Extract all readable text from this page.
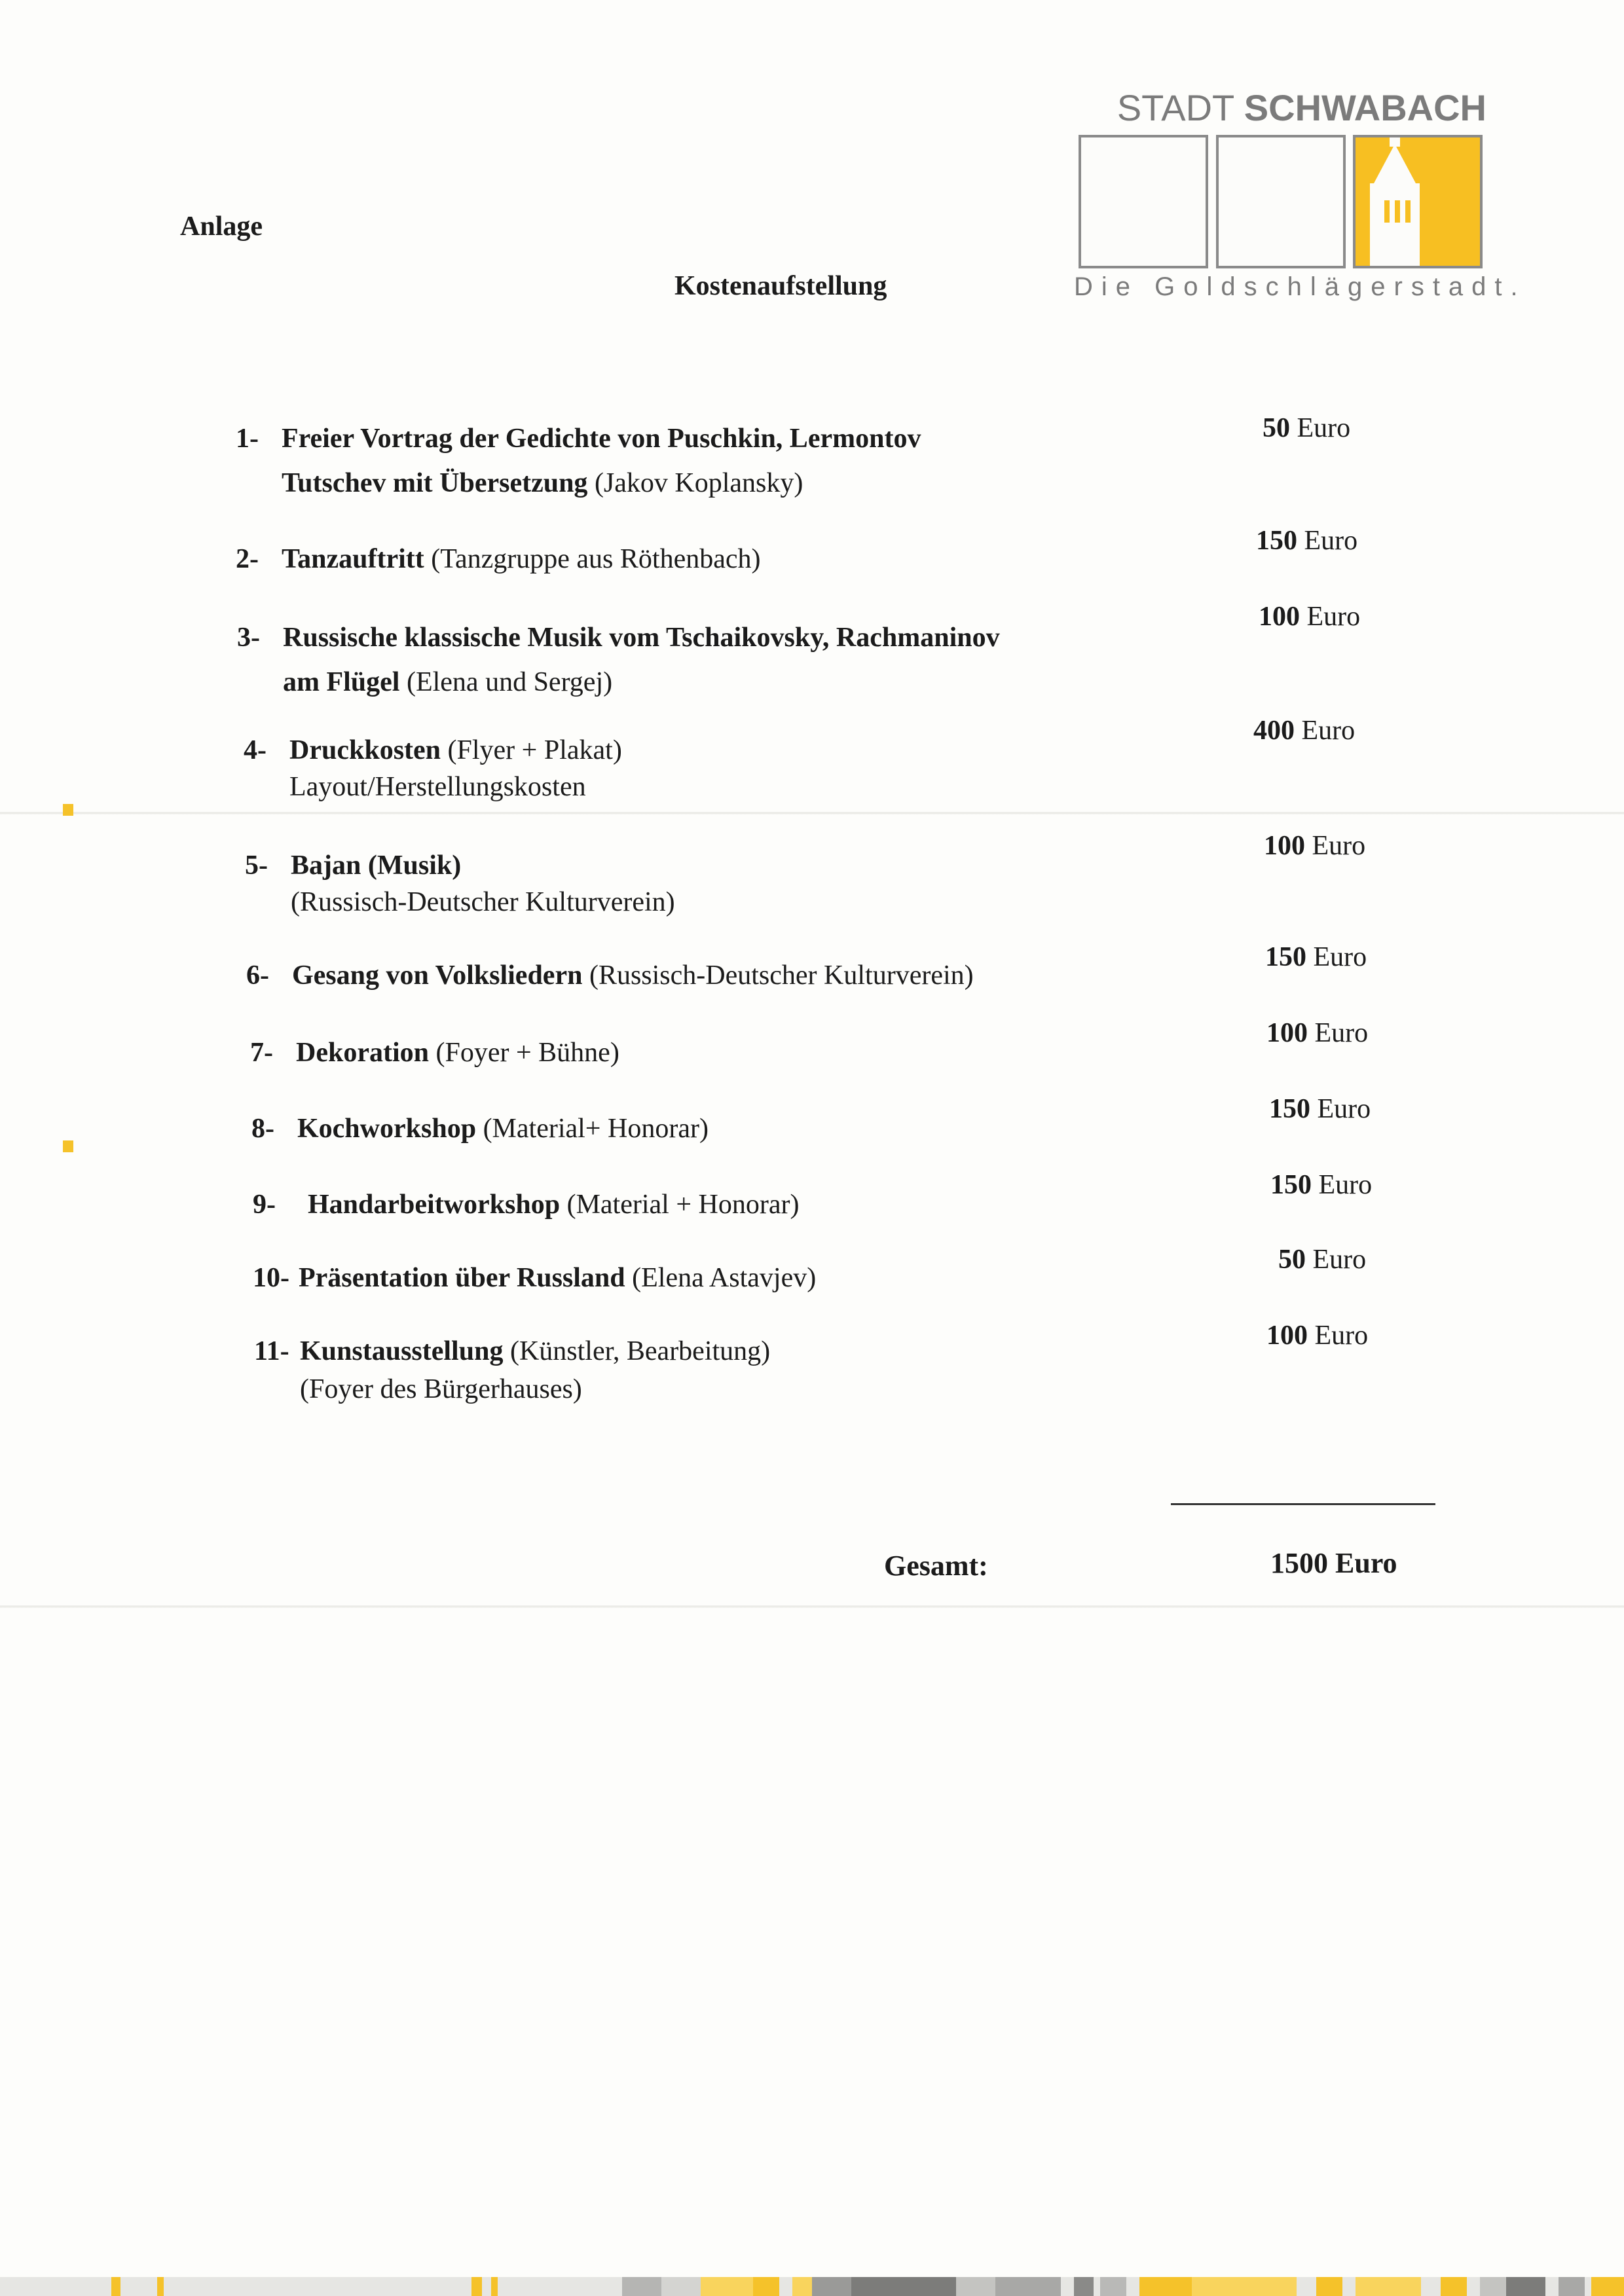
STADT SCHWABACH
Die Goldschlägerstadt.
Anlage
Kostenaufstellung
1- Freier Vortrag der Gedichte von Puschkin, Lermontov
Tutschev mit Übersetzung (Jakov Koplansky)
50 Euro
2- Tanzauftritt (Tanzgruppe aus Röthenbach)
150 Euro
3- Russische klassische Musik vom Tschaikovsky, Rachmaninov
am Flügel (Elena und Sergej)
100 Euro
4- Druckkosten (Flyer + Plakat)
Layout/Herstellungskosten
400 Euro
5- Bajan (Musik)
(Russisch-Deutscher Kulturverein)
100 Euro
6- Gesang von Volksliedern (Russisch-Deutscher Kulturverein)
150 Euro
7- Dekoration (Foyer + Bühne)
100 Euro
8- Kochworkshop (Material+ Honorar)
150 Euro
9- Handarbeitworkshop (Material + Honorar)
150 Euro
10- Präsentation über Russland (Elena Astavjev)
50 Euro
11- Kunstausstellung (Künstler, Bearbeitung)
(Foyer des Bürgerhauses)
100 Euro
Gesamt:	1500 Euro
